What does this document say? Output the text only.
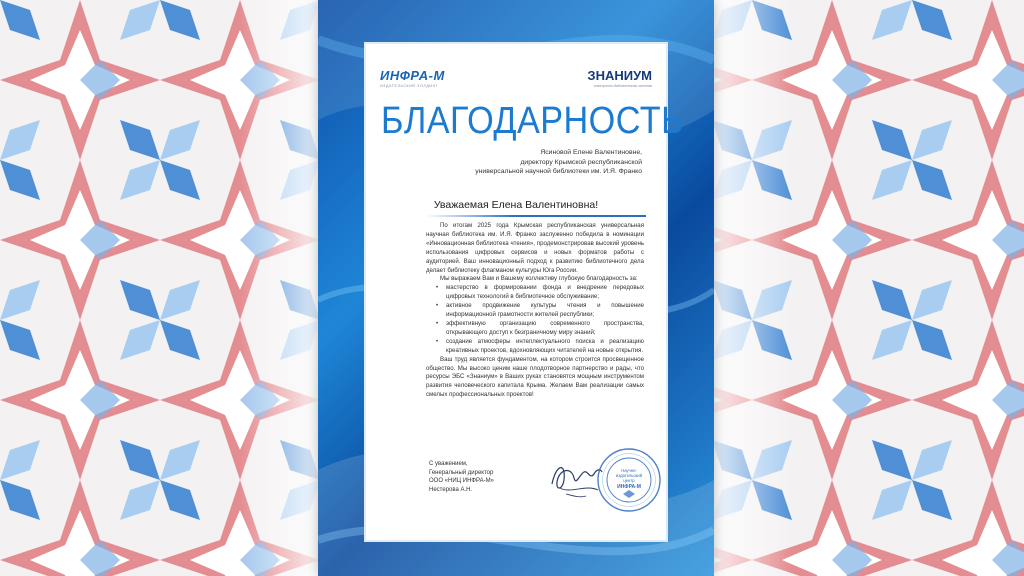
ИНФРА-М
ИЗДАТЕЛЬСКИЙ ХОЛДИНГ
ЗНАНИУМ
электронно-библиотечная система
БЛАГОДАРНОСТЬ
Ясиновой Елене Валентиновне,
директору Крымской республиканской
универсальной научной библиотеки им. И.Я. Франко
Уважаемая Елена Валентиновна!

По итогам 2025 года Крымская республиканская универсальная научная библиотека им. И.Я. Франко заслуженно победила в номинации «Инновационная библиотека чтения», продемонстрировав высокий уровень использования цифровых сервисов и новых форматов работы с аудиторией. Ваш инновационный подход к развитию библиотечного дела делает библиотеку флагманом культуры Юга России.

Мы выражаем Вам и Вашему коллективу глубокую благодарность за:

• мастерство в формировании фонда и внедрение передовых цифровых технологий в библиотечное обслуживание;
• активное продвижение культуры чтения и повышение информационной грамотности жителей республики;
• эффективную организацию современного пространства, открывающего доступ к безграничному миру знаний;
• создание атмосферы интеллектуального поиска и реализацию креативных проектов, вдохновляющих читателей на новые открытия.

Ваш труд является фундаментом, на котором строится просвещенное общество. Мы высоко ценим наше плодотворное партнерство и рады, что ресурсы ЭБС «Знаниум» в Ваших руках становятся мощным инструментом развития человеческого капитала Крыма. Желаем Вам реализации самых смелых профессиональных проектов!

С уважением,
Генеральный директор
ООО «НИЦ ИНФРА-М»
Нестерова А.Н.
Научно-
издательский
центр
ИНФРА-М
